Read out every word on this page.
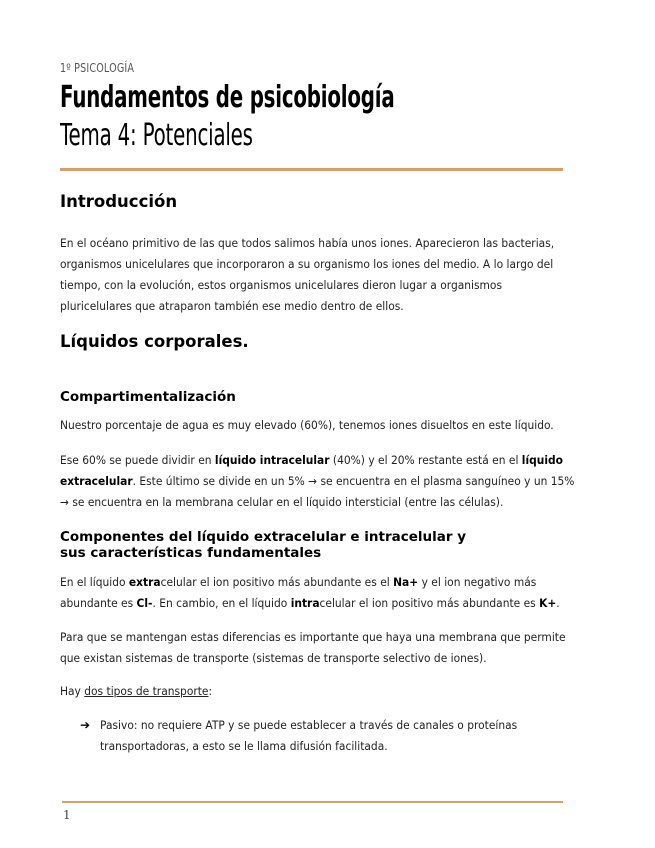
1º PSICOLOGÍA
Fundamentos de psicobiología
Tema 4: Potenciales
Introducción
En el océano primitivo de las que todos salimos había unos iones. Aparecieron las bacterias, organismos unicelulares que incorporaron a su organismo los iones del medio. A lo largo del tiempo, con la evolución, estos organismos unicelulares dieron lugar a organismos pluricelulares que atraparon también ese medio dentro de ellos.
Líquidos corporales.
Compartimentalización
Nuestro porcentaje de agua es muy elevado (60%), tenemos iones disueltos en este líquido.
Ese 60% se puede dividir en líquido intracelular (40%) y el 20% restante está en el líquido extracelular. Este último se divide en un 5% → se encuentra en el plasma sanguíneo y un 15% → se encuentra en la membrana celular en el líquido intersticial (entre las células).
Componentes del líquido extracelular e intracelular y sus características fundamentales
En el líquido extracelular el ion positivo más abundante es el Na+ y el ion negativo más abundante es Cl-. En cambio, en el líquido intracelular el ion positivo más abundante es K+.
Para que se mantengan estas diferencias es importante que haya una membrana que permite que existan sistemas de transporte (sistemas de transporte selectivo de iones).
Hay dos tipos de transporte:
➔ Pasivo: no requiere ATP y se puede establecer a través de canales o proteínas transportadoras, a esto se le llama difusión facilitada.
1
